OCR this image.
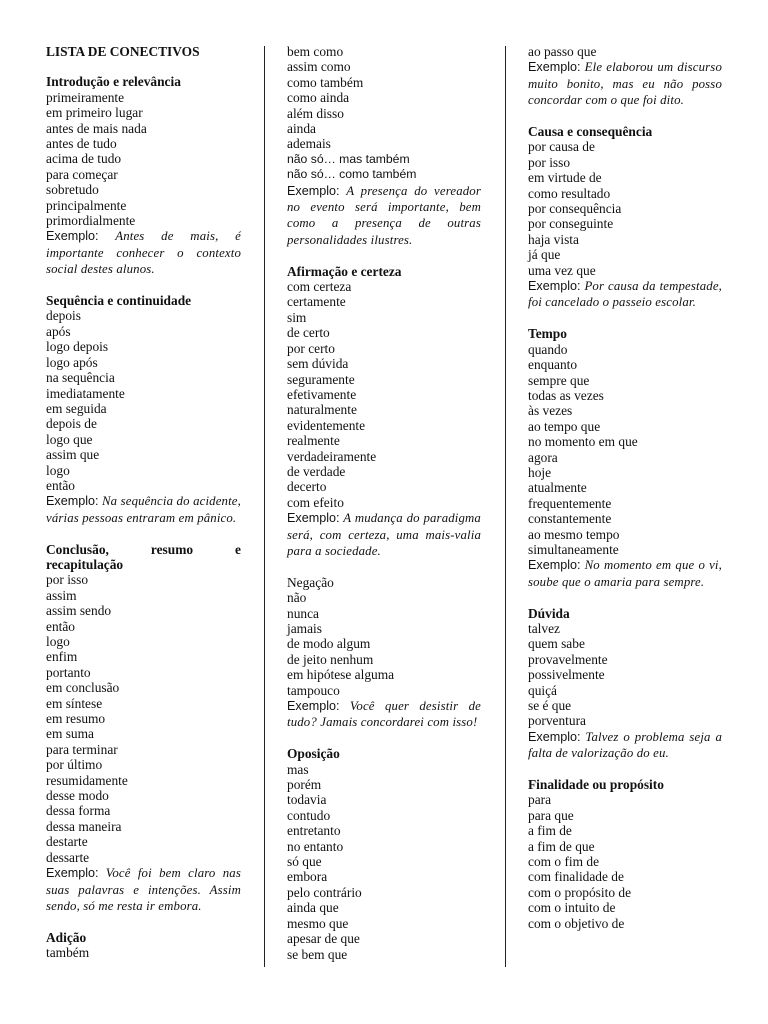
LISTA DE CONECTIVOS
Introdução e relevância
primeiramente
em primeiro lugar
antes de mais nada
antes de tudo
acima de tudo
para começar
sobretudo
principalmente
primordialmente
Exemplo: Antes de mais, é importante conhecer o contexto social destes alunos.
Sequência e continuidade
depois
após
logo depois
logo após
na sequência
imediatamente
em seguida
depois de
logo que
assim que
logo
então
Exemplo: Na sequência do acidente, várias pessoas entraram em pânico.
Conclusão, resumo e recapitulação
por isso
assim
assim sendo
então
logo
enfim
portanto
em conclusão
em síntese
em resumo
em suma
para terminar
por último
resumidamente
desse modo
dessa forma
dessa maneira
destarte
dessarte
Exemplo: Você foi bem claro nas suas palavras e intenções. Assim sendo, só me resta ir embora.
Adição
também
bem como
assim como
como também
como ainda
além disso
ainda
ademais
não só… mas também
não só… como também
Exemplo: A presença do vereador no evento será importante, bem como a presença de outras personalidades ilustres.
Afirmação e certeza
com certeza
certamente
sim
de certo
por certo
sem dúvida
seguramente
efetivamente
naturalmente
evidentemente
realmente
verdadeiramente
de verdade
decerto
com efeito
Exemplo: A mudança do paradigma será, com certeza, uma mais-valia para a sociedade.
Negação
não
nunca
jamais
de modo algum
de jeito nenhum
em hipótese alguma
tampouco
Exemplo: Você quer desistir de tudo? Jamais concordarei com isso!
Oposição
mas
porém
todavia
contudo
entretanto
no entanto
só que
embora
pelo contrário
ainda que
mesmo que
apesar de que
se bem que
ao passo que
Exemplo: Ele elaborou um discurso muito bonito, mas eu não posso concordar com o que foi dito.
Causa e consequência
por causa de
por isso
em virtude de
como resultado
por consequência
por conseguinte
haja vista
já que
uma vez que
Exemplo: Por causa da tempestade, foi cancelado o passeio escolar.
Tempo
quando
enquanto
sempre que
todas as vezes
às vezes
ao tempo que
no momento em que
agora
hoje
atualmente
frequentemente
constantemente
ao mesmo tempo
simultaneamente
Exemplo: No momento em que o vi, soube que o amaria para sempre.
Dúvida
talvez
quem sabe
provavelmente
possivelmente
quiçá
se é que
porventura
Exemplo: Talvez o problema seja a falta de valorização do eu.
Finalidade ou propósito
para
para que
a fim de
a fim de que
com o fim de
com finalidade de
com o propósito de
com o intuito de
com o objetivo de
